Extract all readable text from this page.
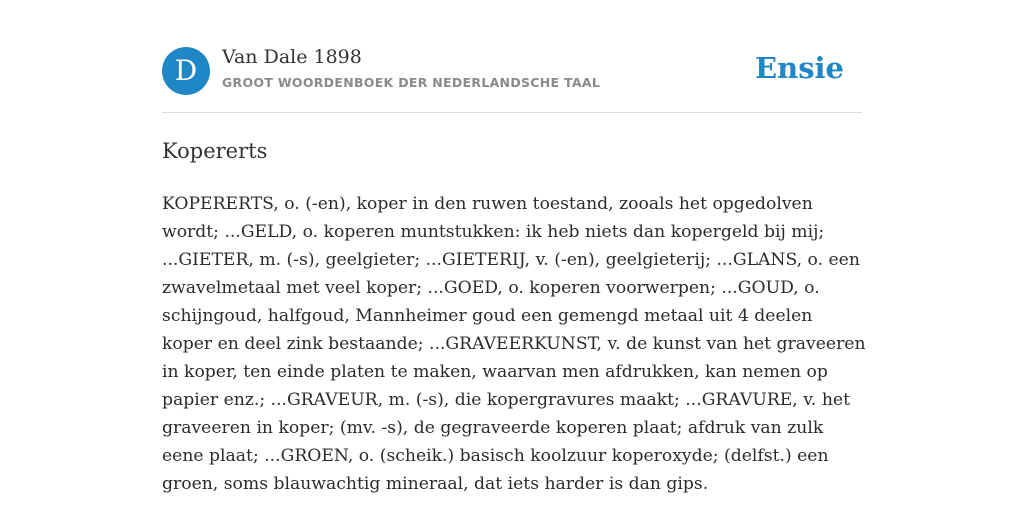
D	Van Dale 1898
GROOT WOORDENBOEK DER NEDERLANDSCHE TAAL	Ensie
Kopererts

KOPERERTS, o. (-en), koper in den ruwen toestand, zooals het opgedolven wordt; ...GELD, o. koperen muntstukken: ik heb niets dan kopergeld bij mij; ...GIETER, m. (-s), geelgieter; ...GIETERIJ, v. (-en), geelgieterij; ...GLANS, o. een zwavelmetaal met veel koper; ...GOED, o. koperen voorwerpen; ...GOUD, o. schijngoud, halfgoud, Mannheimer goud een gemengd metaal uit 4 deelen koper en deel zink bestaande; ...GRAVEERKUNST, v. de kunst van het graveeren in koper, ten einde platen te maken, waarvan men afdrukken, kan nemen op papier enz.; ...GRAVEUR, m. (-s), die kopergravures maakt; ...GRAVURE, v. het graveeren in koper; (mv. -s), de gegraveerde koperen plaat; afdruk van zulk eene plaat; ...GROEN, o. (scheik.) basisch koolzuur koperoxyde; (delfst.) een groen, soms blauwachtig mineraal, dat iets harder is dan gips.
